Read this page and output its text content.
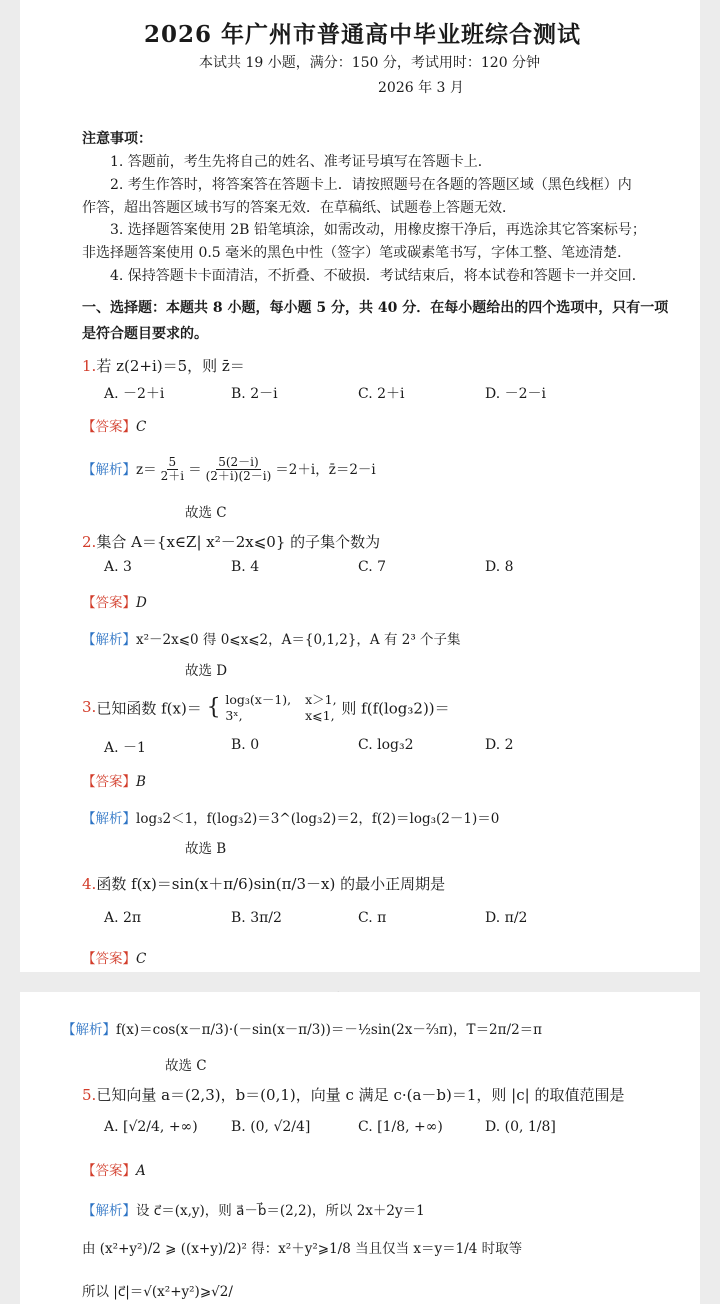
2026 年广州市普通高中毕业班综合测试
本试共 19 小题，满分：150 分，考试用时：120 分钟
2026 年 3 月
注意事项：
1. 答题前，考生先将自己的姓名、准考证号填写在答题卡上．
2. 考生作答时，将答案答在答题卡上．请按照题号在各题的答题区域（黑色线框）内
作答，超出答题区域书写的答案无效．在草稿纸、试题卷上答题无效．
3. 选择题答案使用 2B 铅笔填涂，如需改动，用橡皮擦干净后，再选涂其它答案标号；
非选择题答案使用 0.5 毫米的黑色中性（签字）笔或碳素笔书写，字体工整、笔迹清楚．
4. 保持答题卡卡面清洁，不折叠、不破损．考试结束后，将本试卷和答题卡一并交回．
一、选择题：本题共 8 小题，每小题 5 分，共 40 分．在每小题给出的四个选项中，只有一项
是符合题目要求的。
1.若 z(2+i)＝5，则 z̄＝
A. －2＋i	B. 2－i	C. 2＋i	D. －2－i
【答案】C
【解析】$z= \frac{5}{2+i} = \frac{5(2-i)}{(2+i)(2-i)} =2+i$，z̄＝2－i
故选 C
2.集合 A＝{x∈Z| x²－2x⩽0} 的子集个数为
A. 3	B. 4	C. 7	D. 8
【答案】D
【解析】x²－2x⩽0 得 0⩽x⩽2，A＝{0,1,2}，A 有 2³ 个子集
故选 D
3.已知函数 f(x)＝ { log₃(x－1), x＞1,
3ˣ,	x⩽1, 则 f(f(log₃2))＝
A. －1	B. 0	C. log₃2	D. 2
【答案】B
【解析】log₃2＜1，f(log₃2)＝3^(log₃2)＝2，f(2)＝log₃(2－1)＝0
故选 B
4.函数 f(x)＝sin(x＋π/6)sin(π/3－x) 的最小正周期是
A. 2π	B. 3π/2	C. π	D. π/2
【答案】C
【解析】f(x)＝cos(x－π/3)·(－sin(x－π/3))＝－½sin(2x－⅔π)，T＝2π/2＝π
故选 C
5.已知向量 a＝(2,3)，b＝(0,1)，向量 c 满足 c·(a－b)＝1，则 |c| 的取值范围是
A. [√2/4, +∞) B. (0, √2/4]	C. [1/8, +∞)	D. (0, 1/8]
【答案】A
【解析】设 c⃗＝(x,y)，则 a⃗－b⃗＝(2,2)，所以 2x＋2y＝1
由 (x²+y²)/2 ⩾ ((x+y)/2)² 得：x²＋y²⩾1/8 当且仅当 x＝y＝1/4 时取等
所以 |c⃗|＝√(x²+y²)⩾√2/
